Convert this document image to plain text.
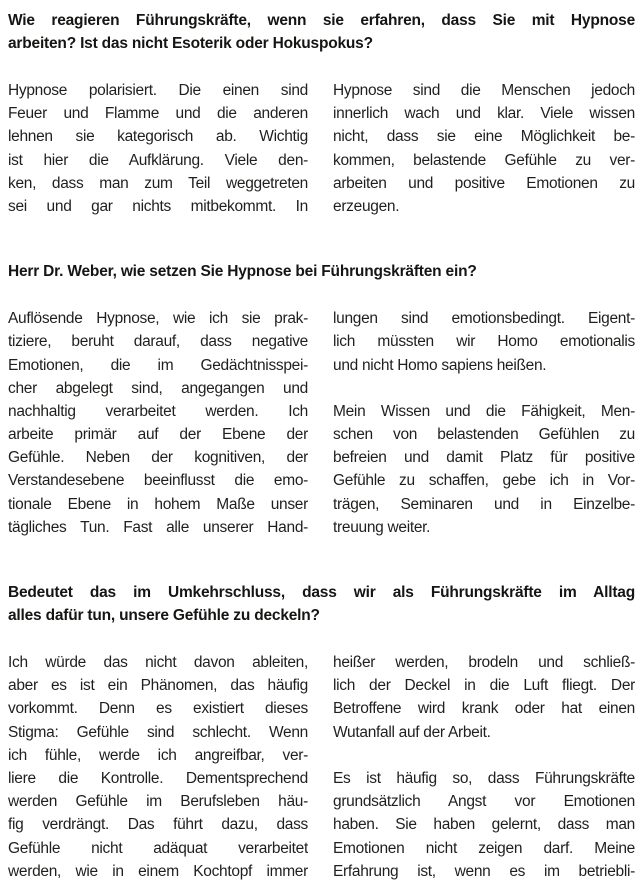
Wie reagieren Führungskräfte, wenn sie erfahren, dass Sie mit Hypnose
arbeiten? Ist das nicht Esoterik oder Hokuspokus?
Hypnose polarisiert. Die einen sind
Feuer und Flamme und die anderen
lehnen sie kategorisch ab. Wichtig
ist hier die Aufklärung. Viele den-
ken, dass man zum Teil weggetreten
sei und gar nichts mitbekommt. In
Hypnose sind die Menschen jedoch
innerlich wach und klar. Viele wissen
nicht, dass sie eine Möglichkeit be-
kommen, belastende Gefühle zu ver-
arbeiten und positive Emotionen zu
erzeugen.
Herr Dr. Weber, wie setzen Sie Hypnose bei Führungskräften ein?
Auflösende Hypnose, wie ich sie prak-
tiziere, beruht darauf, dass negative
Emotionen, die im Gedächtnisspei-
cher abgelegt sind, angegangen und
nachhaltig verarbeitet werden. Ich
arbeite primär auf der Ebene der
Gefühle. Neben der kognitiven, der
Verstandesebene beeinflusst die emo-
tionale Ebene in hohem Maße unser
tägliches Tun. Fast alle unserer Hand-
lungen sind emotionsbedingt. Eigent-
lich müssten wir Homo emotionalis
und nicht Homo sapiens heißen.
Mein Wissen und die Fähigkeit, Men-
schen von belastenden Gefühlen zu
befreien und damit Platz für positive
Gefühle zu schaffen, gebe ich in Vor-
trägen, Seminaren und in Einzelbe-
treuung weiter.
Bedeutet das im Umkehrschluss, dass wir als Führungskräfte im Alltag
alles dafür tun, unsere Gefühle zu deckeln?
Ich würde das nicht davon ableiten,
aber es ist ein Phänomen, das häufig
vorkommt. Denn es existiert dieses
Stigma: Gefühle sind schlecht. Wenn
ich fühle, werde ich angreifbar, ver-
liere die Kontrolle. Dementsprechend
werden Gefühle im Berufsleben häu-
fig verdrängt. Das führt dazu, dass
Gefühle nicht adäquat verarbeitet
werden, wie in einem Kochtopf immer
heißer werden, brodeln und schließ-
lich der Deckel in die Luft fliegt. Der
Betroffene wird krank oder hat einen
Wutanfall auf der Arbeit.
Es ist häufig so, dass Führungskräfte
grundsätzlich Angst vor Emotionen
haben. Sie haben gelernt, dass man
Emotionen nicht zeigen darf. Meine
Erfahrung ist, wenn es im betriebli-
